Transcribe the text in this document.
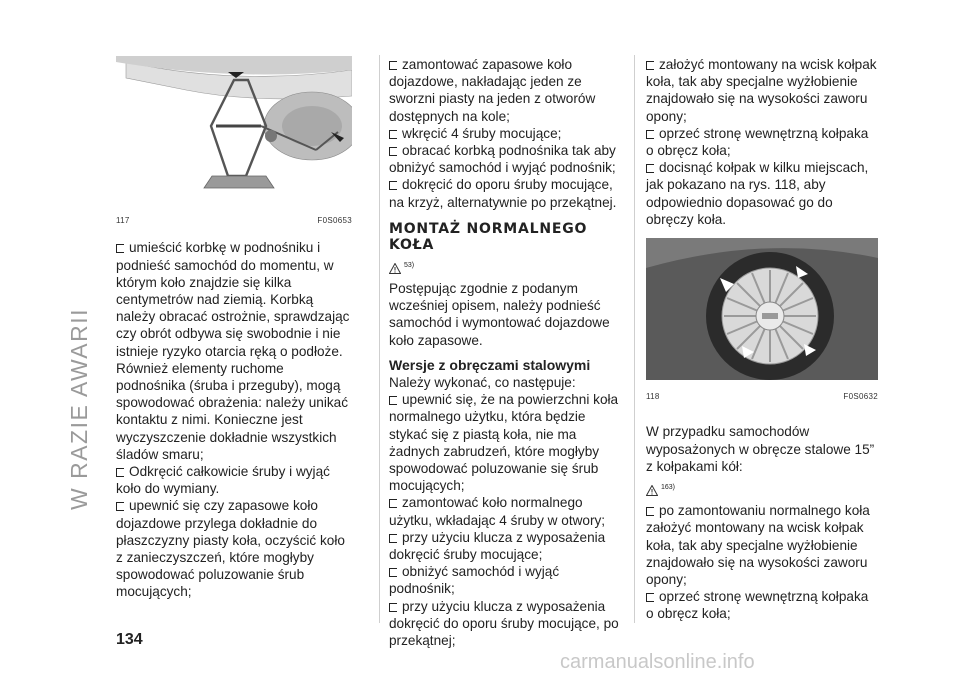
W RAZIE AWARII
117	F0S0653

umieścić korbkę w podnośniku i podnieść samochód do momentu, w którym koło znajdzie się kilka centymetrów nad ziemią. Korbką należy obracać ostrożnie, sprawdzając czy obrót odbywa się swobodnie i nie istnieje ryzyko otarcia ręką o podłoże. Również elementy ruchome podnośnika (śruba i przeguby), mogą spowodować obrażenia: należy unikać kontaktu z nimi. Konieczne jest wyczyszczenie dokładnie wszystkich śladów smaru;

Odkręcić całkowicie śruby i wyjąć koło do wymiany.

upewnić się czy zapasowe koło dojazdowe przylega dokładnie do płaszczyzny piasty koła, oczyścić koło z zanieczyszczeń, które mogłyby spowodować poluzowanie śrub mocujących;

zamontować zapasowe koło dojazdowe, nakładając jeden ze sworzni piasty na jeden z otworów dostępnych na kole;

wkręcić 4 śruby mocujące;

obracać korbką podnośnika tak aby obniżyć samochód i wyjąć podnośnik;

dokręcić do oporu śruby mocujące, na krzyż, alternatywnie po przekątnej.

MONTAŻ NORMALNEGO KOŁA
53)

Postępując zgodnie z podanym wcześniej opisem, należy podnieść samochód i wymontować dojazdowe koło zapasowe.

Wersje z obręczami stalowymi

Należy wykonać, co następuje:

upewnić się, że na powierzchni koła normalnego użytku, która będzie stykać się z piastą koła, nie ma żadnych zabrudzeń, które mogłyby spowodować poluzowanie się śrub mocujących;

zamontować koło normalnego użytku, wkładając 4 śruby w otwory;

przy użyciu klucza z wyposażenia dokręcić śruby mocujące;

obniżyć samochód i wyjąć podnośnik;

przy użyciu klucza z wyposażenia dokręcić do oporu śruby mocujące, po przekątnej;

założyć montowany na wcisk kołpak koła, tak aby specjalne wyżłobienie znajdowało się na wysokości zaworu opony;

oprzeć stronę wewnętrzną kołpaka o obręcz koła;

docisnąć kołpak w kilku miejscach, jak pokazano na rys. 118, aby odpowiednio dopasować go do obręczy koła.

118	F0S0632

W przypadku samochodów wyposażonych w obręcze stalowe 15” z kołpakami kół:

163)

po zamontowaniu normalnego koła założyć montowany na wcisk kołpak koła, tak aby specjalne wyżłobienie znajdowało się na wysokości zaworu opony;

oprzeć stronę wewnętrzną kołpaka o obręcz koła;

134
carmanualsonline.info
